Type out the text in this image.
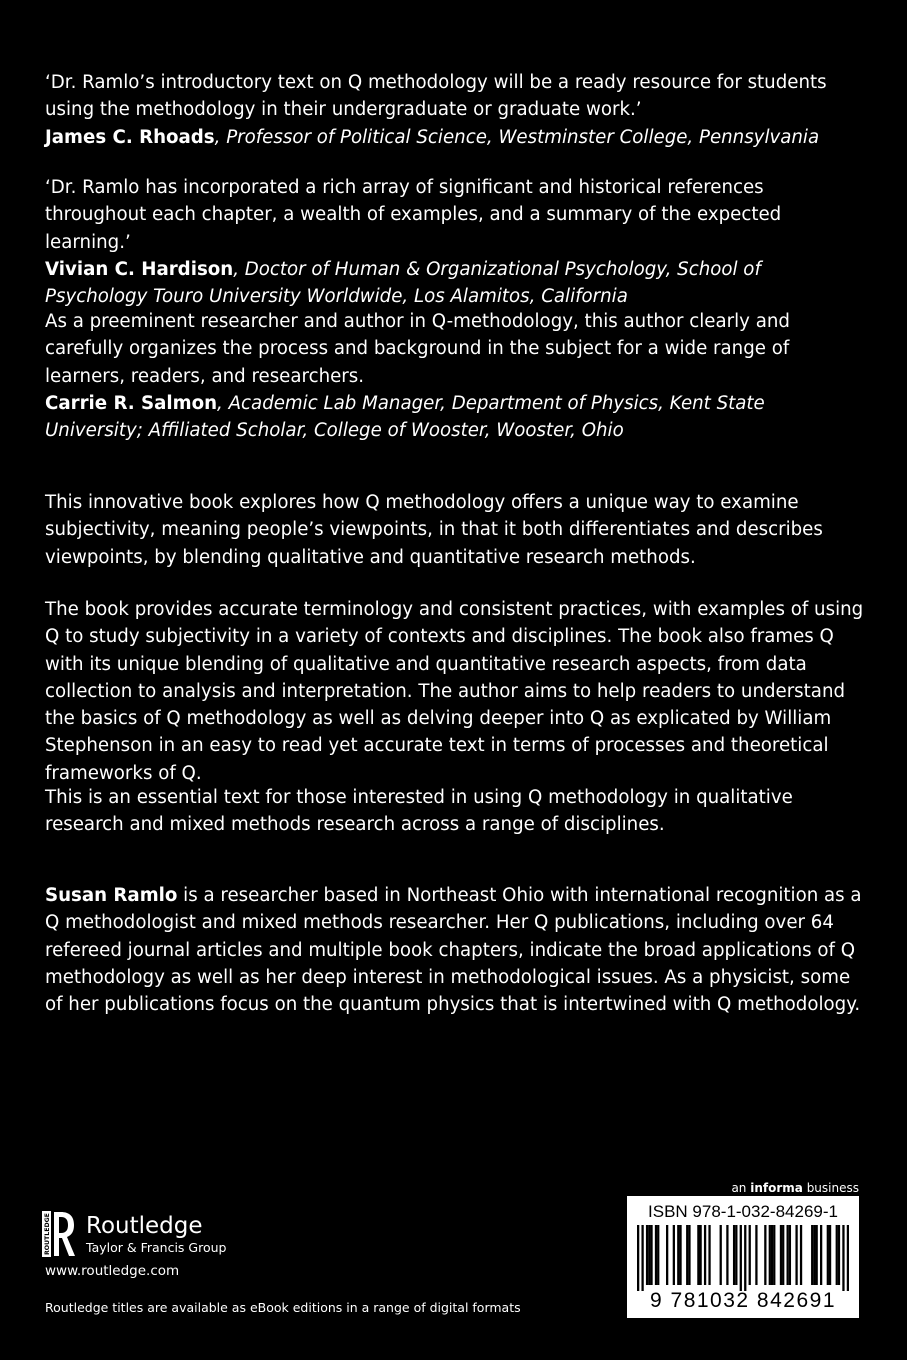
‘Dr. Ramlo’s introductory text on Q methodology will be a ready resource for students using the methodology in their undergraduate or graduate work.’

James C. Rhoads, Professor of Political Science, Westminster College, Pennsylvania

‘Dr. Ramlo has incorporated a rich array of significant and historical references throughout each chapter, a wealth of examples, and a summary of the expected learning.’

Vivian C. Hardison, Doctor of Human & Organizational Psychology, School of Psychology Touro University Worldwide, Los Alamitos, California

As a preeminent researcher and author in Q-methodology, this author clearly and carefully organizes the process and background in the subject for a wide range of learners, readers, and researchers.

Carrie R. Salmon, Academic Lab Manager, Department of Physics, Kent State University; Affiliated Scholar, College of Wooster, Wooster, Ohio

This innovative book explores how Q methodology offers a unique way to examine subjectivity, meaning people’s viewpoints, in that it both differentiates and describes viewpoints, by blending qualitative and quantitative research methods.

The book provides accurate terminology and consistent practices, with examples of using Q to study subjectivity in a variety of contexts and disciplines. The book also frames Q with its unique blending of qualitative and quantitative research aspects, from data collection to analysis and interpretation. The author aims to help readers to understand the basics of Q methodology as well as delving deeper into Q as explicated by William Stephenson in an easy to read yet accurate text in terms of processes and theoretical frameworks of Q.

This is an essential text for those interested in using Q methodology in qualitative research and mixed methods research across a range of disciplines.

Susan Ramlo is a researcher based in Northeast Ohio with international recognition as a Q methodologist and mixed methods researcher. Her Q publications, including over 64 refereed journal articles and multiple book chapters, indicate the broad applications of Q methodology as well as her deep interest in methodological issues. As a physicist, some of her publications focus on the quantum physics that is intertwined with Q methodology.

ROUTLEDGE Routledge
Taylor & Francis Group
www.routledge.com
Routledge titles are available as eBook editions in a range of digital formats
an informa business
ISBN 978-1-032-84269-1
9 781032 842691
